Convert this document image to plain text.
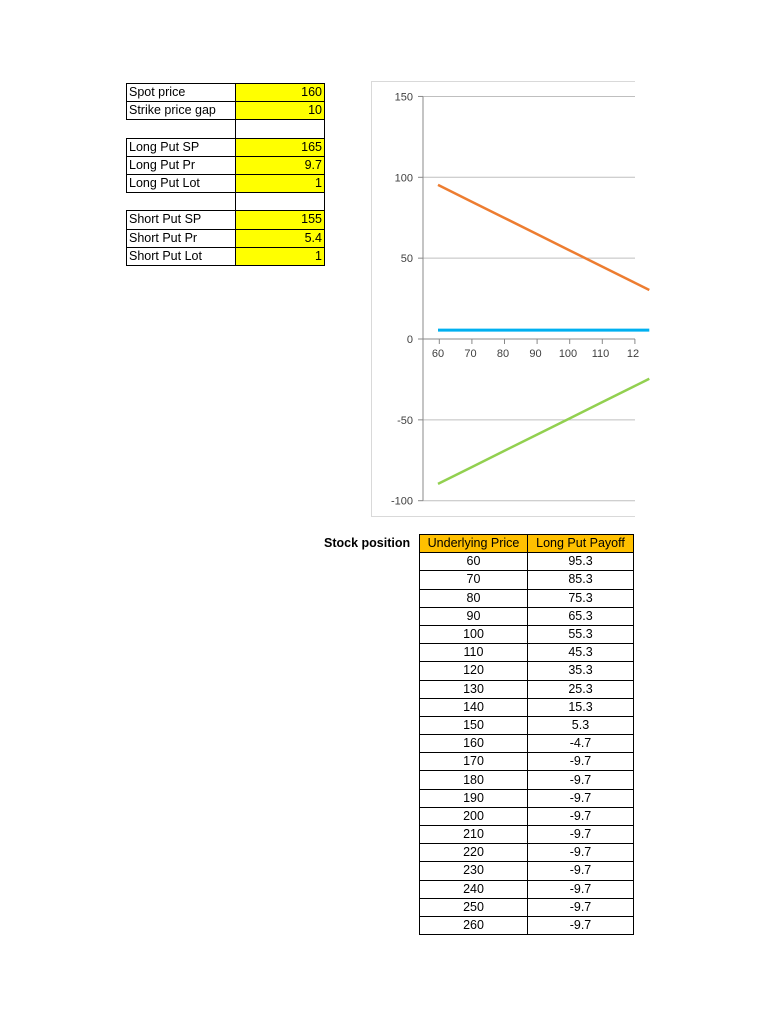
Spot price	160
Strike price gap	10

Long Put SP	165
Long Put Pr	9.7
Long Put Lot	1

Short Put SP	155
Short Put Pr	5.4
Short Put Lot	1
150
100
50
0
-50
-100
60 70 80 90 100 110 12
Stock position Underlying Price	Long Put Payoff
60	95.3
70	85.3
80	75.3
90	65.3
100	55.3
110	45.3
120	35.3
130	25.3
140	15.3
150	5.3
160	-4.7
170	-9.7
180	-9.7
190	-9.7
200	-9.7
210	-9.7
220	-9.7
230	-9.7
240	-9.7
250	-9.7
260	-9.7
